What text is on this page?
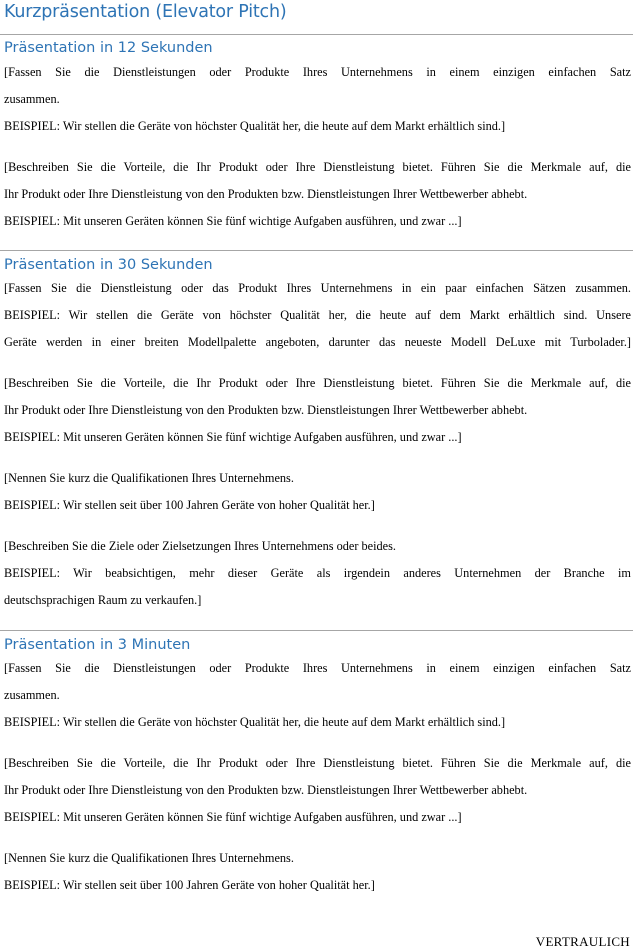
Kurzpräsentation (Elevator Pitch)
Präsentation in 12 Sekunden
[Fassen Sie die Dienstleistungen oder Produkte Ihres Unternehmens in einem einzigen einfachen Satz
zusammen.
BEISPIEL: Wir stellen die Geräte von höchster Qualität her, die heute auf dem Markt erhältlich sind.]
[Beschreiben Sie die Vorteile, die Ihr Produkt oder Ihre Dienstleistung bietet. Führen Sie die Merkmale auf, die
Ihr Produkt oder Ihre Dienstleistung von den Produkten bzw. Dienstleistungen Ihrer Wettbewerber abhebt.
BEISPIEL: Mit unseren Geräten können Sie fünf wichtige Aufgaben ausführen, und zwar ...]
Präsentation in 30 Sekunden
[Fassen Sie die Dienstleistung oder das Produkt Ihres Unternehmens in ein paar einfachen Sätzen zusammen.
BEISPIEL: Wir stellen die Geräte von höchster Qualität her, die heute auf dem Markt erhältlich sind. Unsere
Geräte werden in einer breiten Modellpalette angeboten, darunter das neueste Modell DeLuxe mit Turbolader.]
[Beschreiben Sie die Vorteile, die Ihr Produkt oder Ihre Dienstleistung bietet. Führen Sie die Merkmale auf, die
Ihr Produkt oder Ihre Dienstleistung von den Produkten bzw. Dienstleistungen Ihrer Wettbewerber abhebt.
BEISPIEL: Mit unseren Geräten können Sie fünf wichtige Aufgaben ausführen, und zwar ...]
[Nennen Sie kurz die Qualifikationen Ihres Unternehmens.
BEISPIEL: Wir stellen seit über 100 Jahren Geräte von hoher Qualität her.]
[Beschreiben Sie die Ziele oder Zielsetzungen Ihres Unternehmens oder beides.
BEISPIEL: Wir beabsichtigen, mehr dieser Geräte als irgendein anderes Unternehmen der Branche im
deutschsprachigen Raum zu verkaufen.]
Präsentation in 3 Minuten
[Fassen Sie die Dienstleistungen oder Produkte Ihres Unternehmens in einem einzigen einfachen Satz
zusammen.
BEISPIEL: Wir stellen die Geräte von höchster Qualität her, die heute auf dem Markt erhältlich sind.]
[Beschreiben Sie die Vorteile, die Ihr Produkt oder Ihre Dienstleistung bietet. Führen Sie die Merkmale auf, die
Ihr Produkt oder Ihre Dienstleistung von den Produkten bzw. Dienstleistungen Ihrer Wettbewerber abhebt.
BEISPIEL: Mit unseren Geräten können Sie fünf wichtige Aufgaben ausführen, und zwar ...]
[Nennen Sie kurz die Qualifikationen Ihres Unternehmens.
BEISPIEL: Wir stellen seit über 100 Jahren Geräte von hoher Qualität her.]
VERTRAULICH
